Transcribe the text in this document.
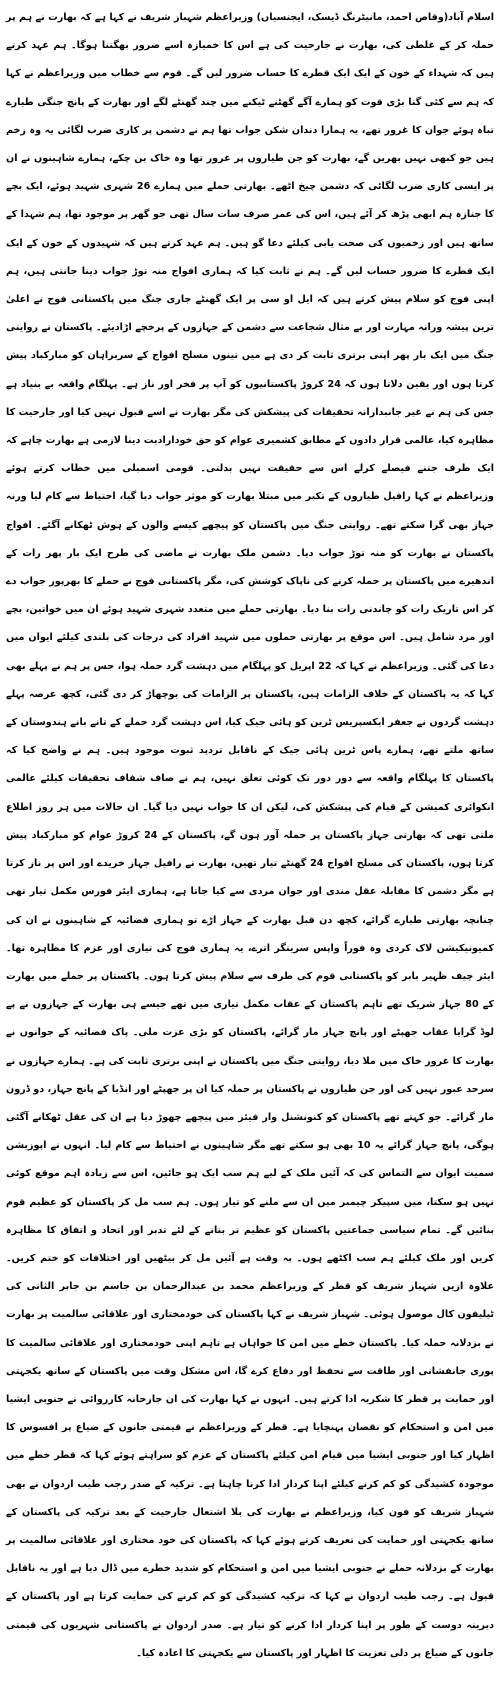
اسلام آباد(وقاص احمد، مانیٹرنگ ڈیسک، ایجنسیاں) وزیراعظم شہباز شریف نے کہا ہے کہ بھارت نے ہم پر حملہ کر کے غلطی کی، بھارت نے جارحیت کی ہے اس کا خمیازہ اسے ضرور بھگتنا ہوگا۔ ہم عہد کرتے ہیں کہ شہداء کے خون کے ایک ایک قطرے کا حساب ضرور لیں گے۔ قوم سے خطاب میں وزیراعظم نے کہا کہ ہم سے کئی گنا بڑی قوت کو ہمارے آگے گھٹنے ٹیکنے میں چند گھنٹے لگے اور بھارت کے پانچ جنگی طیارے تباہ ہوئے جوان کا غرور تھے، یہ ہمارا دندان شکن جواب تھا ہم نے دشمن پر کاری ضرب لگائی یہ وہ زخم ہیں جو کبھی نہیں بھریں گے، بھارت کو جن طیاروں پر غرور تھا وہ خاک بن چکے، ہمارے شاہینوں نے ان پر ایسی کاری ضرب لگائی کہ دشمن چیخ اٹھے۔ بھارتی حملے میں ہمارے 26 شہری شہید ہوئے، ایک بچے کا جنازہ ہم ابھی پڑھ کر آئے ہیں، اس کی عمر صرف سات سال تھی جو گھر پر موجود تھا، ہم شہدا کے ساتھ ہیں اور زخمیوں کی صحت یابی کیلئے دعا گو ہیں۔ ہم عہد کرتے ہیں کہ شہیدوں کے خون کے ایک ایک قطرے کا ضرور حساب لیں گے۔ ہم نے ثابت کیا کہ ہماری افواج منہ توڑ جواب دینا جانتی ہیں، ہم اپنی فوج کو سلام پیش کرتے ہیں کہ ایل او سی پر ایک گھنٹے جاری جنگ میں پاکستانی فوج نے اعلیٰ ترین پیشہ ورانہ مہارت اور بے مثال شجاعت سے دشمن کے جہازوں کے پرخچے اڑادیئے۔ پاکستان نے روایتی جنگ میں ایک بار پھر اپنی برتری ثابت کر دی ہے میں تینوں مسلح افواج کے سربراہان کو مبارکباد پیش کرتا ہوں اور یقین دلاتا ہوں کہ 24 کروڑ پاکستانیوں کو آپ پر فخر اور ناز ہے۔ پہلگام واقعہ بے بنیاد ہے جس کی ہم نے غیر جانبدارانہ تحقیقات کی پیشکش کی مگر بھارت نے اسے قبول نہیں کیا اور جارحیت کا مظاہرہ کیا، عالمی قرار دادوں کے مطابق کشمیری عوام کو حق خودارادیت دینا لازمی ہے بھارت چاہے کہ ایک طرف جتنے فیصلے کرلے اس سے حقیقت نہیں بدلتی۔ قومی اسمبلی میں خطاب کرتے ہوئے وزیراعظم نے کہا رافیل طیاروں کے تکبر میں مبتلا بھارت کو موثر جواب دیا گیا، احتیاط سے کام لیا ورنہ جہاز بھی گرا سکتے تھے۔ روایتی جنگ میں پاکستان کو پیچھے کیسے والوں کے ہوش ٹھکانے آگئے۔ افواج پاکستان نے بھارت کو منہ توڑ جواب دیا۔ دشمن ملک بھارت نے ماضی کی طرح ایک بار پھر رات کے اندھیرے میں پاکستان پر حملہ کرنے کی ناپاک کوشش کی، مگر پاکستانی فوج نے حملے کا بھرپور جواب دے کر اس تاریک رات کو چاندنی رات بنا دیا۔ بھارتی حملے میں متعدد شہری شہید ہوئے ان میں خواتین، بچے اور مرد شامل ہیں۔ اس موقع پر بھارتی حملوں میں شہید افراد کی درجات کی بلندی کیلئے ایوان میں دعا کی گئی۔ وزیراعظم نے کہا کہ 22 اپریل کو پہلگام میں دہشت گرد حملہ ہوا، جس پر ہم نے پہلے بھی کہا کہ یہ پاکستان کے خلاف الزامات ہیں، پاکستان پر الزامات کی بوچھاڑ کر دی گئی، کچھ عرصہ پہلے دہشت گردوں نے جعفر ایکسپریس ٹرین کو ہائی جیک کیا، اس دہشت گرد حملے کے تانے بانے ہندوستان کے ساتھ ملتے تھے، ہمارے پاس ٹرین ہائی جیک کے ناقابل تردید ثبوت موجود ہیں۔ ہم نے واضح کیا کہ پاکستان کا پہلگام واقعہ سے دور دور تک کوئی تعلق نہیں، ہم نے صاف شفاف تحقیقات کیلئے عالمی انکوائری کمیشن کے قیام کی پیشکش کی، لیکن ان کا جواب نہیں دیا گیا۔ ان حالات میں ہر روز اطلاع ملتی تھی کہ بھارتی جہاز پاکستان پر حملہ آور ہوں گے، پاکستان کے 24 کروڑ عوام کو مبارکباد پیش کرتا ہوں، پاکستان کی مسلح افواج 24 گھنٹے تیار تھیں، بھارت نے رافیل جہاز خریدے اور اس پر ناز کرتا ہے مگر دشمن کا مقابلہ عقل مندی اور جوان مردی سے کیا جاتا ہے، ہماری ایئر فورس مکمل تیار تھی چنانچہ بھارتی طیارے گرائے، کچھ دن قبل بھارت کے جہاز اڑے تو ہماری فضائیہ کے شاہینوں نے ان کی کمیونیکیشن لاک کردی وہ فوراً واپس سرینگر اترے، یہ ہماری فوج کی تیاری اور عزم کا مظاہرہ تھا۔ ایئر چیف ظہیر بابر کو پاکستانی قوم کی طرف سے سلام پیش کرتا ہوں۔ پاکستان پر حملے میں بھارت کے 80 جہاز شریک تھے تاہم پاکستان کے عقاب مکمل تیاری میں تھے جیسے ہی بھارت کے جہازوں نے پے لوڈ گرایا عقاب جھپٹے اور پانچ جہاز مار گرائے، پاکستان کو بڑی عزت ملی۔ پاک فضائیہ کے جوانوں نے بھارت کا غرور خاک میں ملا دیا، روایتی جنگ میں پاکستان نے اپنی برتری ثابت کی ہے۔ ہمارے جہازوں نے سرحد عبور نہیں کی اور جن طیاروں نے پاکستان پر حملہ کیا ان پر جھپٹے اور انڈیا کے پانچ جہاز، دو ڈرون مار گرائے۔ جو کہتے تھے پاکستان کو کنونشنل وار فیئر میں پیچھے چھوڑ دیا ہے ان کی عقل ٹھکانے آگئی ہوگی، پانچ جہاز گرائے یہ 10 بھی ہو سکتے تھے مگر شاہینوں نے احتیاط سے کام لیا۔ انہوں نے اپوزیشن سمیت ایوان سے التماس کی کہ آئیں ملک کے لیے ہم سب ایک ہو جائیں، اس سے زیادہ اہم موقع کوئی نہیں ہو سکتا، میں سپیکر چیمبر میں ان سے ملنے کو تیار ہوں۔ ہم سب مل کر پاکستان کو عظیم قوم بنائیں گے۔ تمام سیاسی جماعتیں پاکستان کو عظیم تر بنانے کے لئے تدبر اور اتحاد و اتفاق کا مظاہرہ کریں اور ملک کیلئے ہم سب اکٹھے ہوں۔ یہ وقت ہے آئیں مل کر بیٹھیں اور اختلافات کو ختم کریں۔ علاوہ ازیں شہباز شریف کو قطر کے وزیراعظم محمد بن عبدالرحمان بن جاسم بن جابر الثانی کی ٹیلیفون کال موصول ہوئی۔ شہباز شریف نے کہا پاکستان کی خودمختاری اور علاقائی سالمیت پر بھارت نے بزدلانہ حملہ کیا۔ پاکستان خطے میں امن کا خواہاں ہے تاہم اپنی خودمختاری اور علاقائی سالمیت کا پوری جانفشانی اور طاقت سے تحفظ اور دفاع کرے گا، اس مشکل وقت میں پاکستان کے ساتھ یکجہتی اور حمایت پر قطر کا شکریہ ادا کرتے ہیں۔ انہوں نے کہا بھارت کی ان جارحانہ کارروائی نے جنوبی ایشیا میں امن و استحکام کو نقصان پہنچایا ہے۔ قطر کے وزیراعظم نے قیمتی جانوں کے ضیاع پر افسوس کا اظہار کیا اور جنوبی ایشیا میں قیام امن کیلئے پاکستان کے عزم کو سراہتے ہوئے کہا کہ قطر خطے میں موجودہ کشیدگی کو کم کرنے کیلئے اپنا کردار ادا کرنا چاہتا ہے۔ ترکیہ کے صدر رجب طیب اردوان نے بھی شہباز شریف کو فون کیا، وزیراعظم نے بھارت کی بلا اشتعال جارحیت کے بعد ترکیہ کی پاکستان کے ساتھ یکجہتی اور حمایت کی تعریف کرتے ہوئے کہا کہ پاکستان کی خود مختاری اور علاقائی سالمیت پر بھارت کے بزدلانہ حملے نے جنوبی ایشیا میں امن و استحکام کو شدید خطرے میں ڈال دیا ہے اور یہ ناقابل قبول ہے۔ رجب طیب اردوان نے کہا کہ ترکیہ کشیدگی کو کم کرنے کی حمایت کرتا ہے اور پاکستان کے دیرینہ دوست کے طور پر اپنا کردار ادا کرنے کو تیار ہے۔ صدر اردوان نے پاکستانی شہریوں کی قیمتی جانوں کے ضیاع پر دلی تعزیت کا اظہار اور پاکستان سے یکجہتی کا اعادہ کیا۔
